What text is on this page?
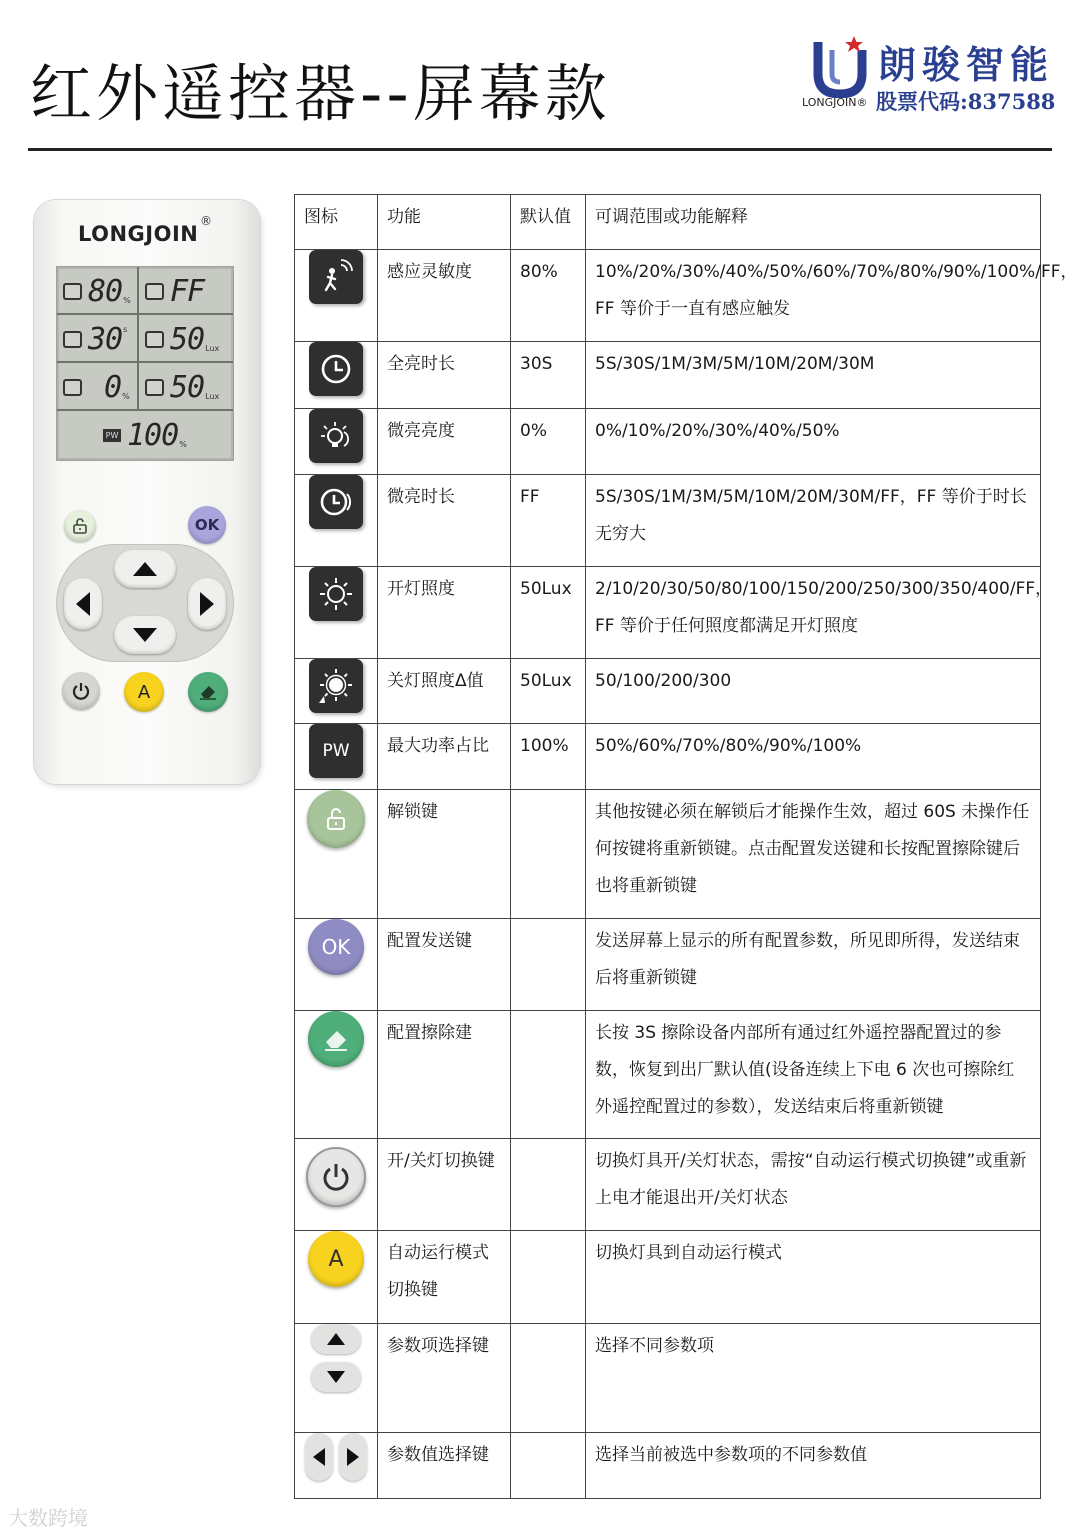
红外遥控器--屏幕款	朗骏智能
LONGJOIN® 股票代码:837588
LONGJOIN
®
80 % FF
30 s 50 Lux
0 % 50 Lux
PW 100 %
OK
A
图标	功能	默认值	可调范围或功能解释

	感应灵敏度	80%	10%/20%/30%/40%/50%/60%/70%/80%/90%/100%/FF，FF 等价于一直有感应触发

	全亮时长	30S	5S/30S/1M/3M/5M/10M/20M/30M

	微亮亮度	0%	0%/10%/20%/30%/40%/50%

	微亮时长	FF	5S/30S/1M/3M/5M/10M/20M/30M/FF，FF 等价于时长无穷大

	开灯照度	50Lux	2/10/20/30/50/80/100/150/200/250/300/350/400/FF，FF 等价于任何照度都满足开灯照度

	关灯照度Δ值	50Lux	50/100/200/300

PW	最大功率占比	100%	50%/60%/70%/80%/90%/100%

	解锁键		其他按键必须在解锁后才能操作生效，超过 60S 未操作任何按键将重新锁键。点击配置发送键和长按配置擦除键后也将重新锁键

OK	配置发送键		发送屏幕上显示的所有配置参数，所见即所得，发送结束后将重新锁键

	配置擦除建		长按 3S 擦除设备内部所有通过红外遥控器配置过的参数，恢复到出厂默认值(设备连续上下电 6 次也可擦除红外遥控配置过的参数），发送结束后将重新锁键

	开/关灯切换键		切换灯具开/关灯状态，需按“自动运行模式切换键”或重新上电才能退出开/关灯状态

A	自动运行模式切换键		切换灯具到自动运行模式

	参数项选择键		选择不同参数项

	参数值选择键		选择当前被选中参数项的不同参数值
大数跨境
